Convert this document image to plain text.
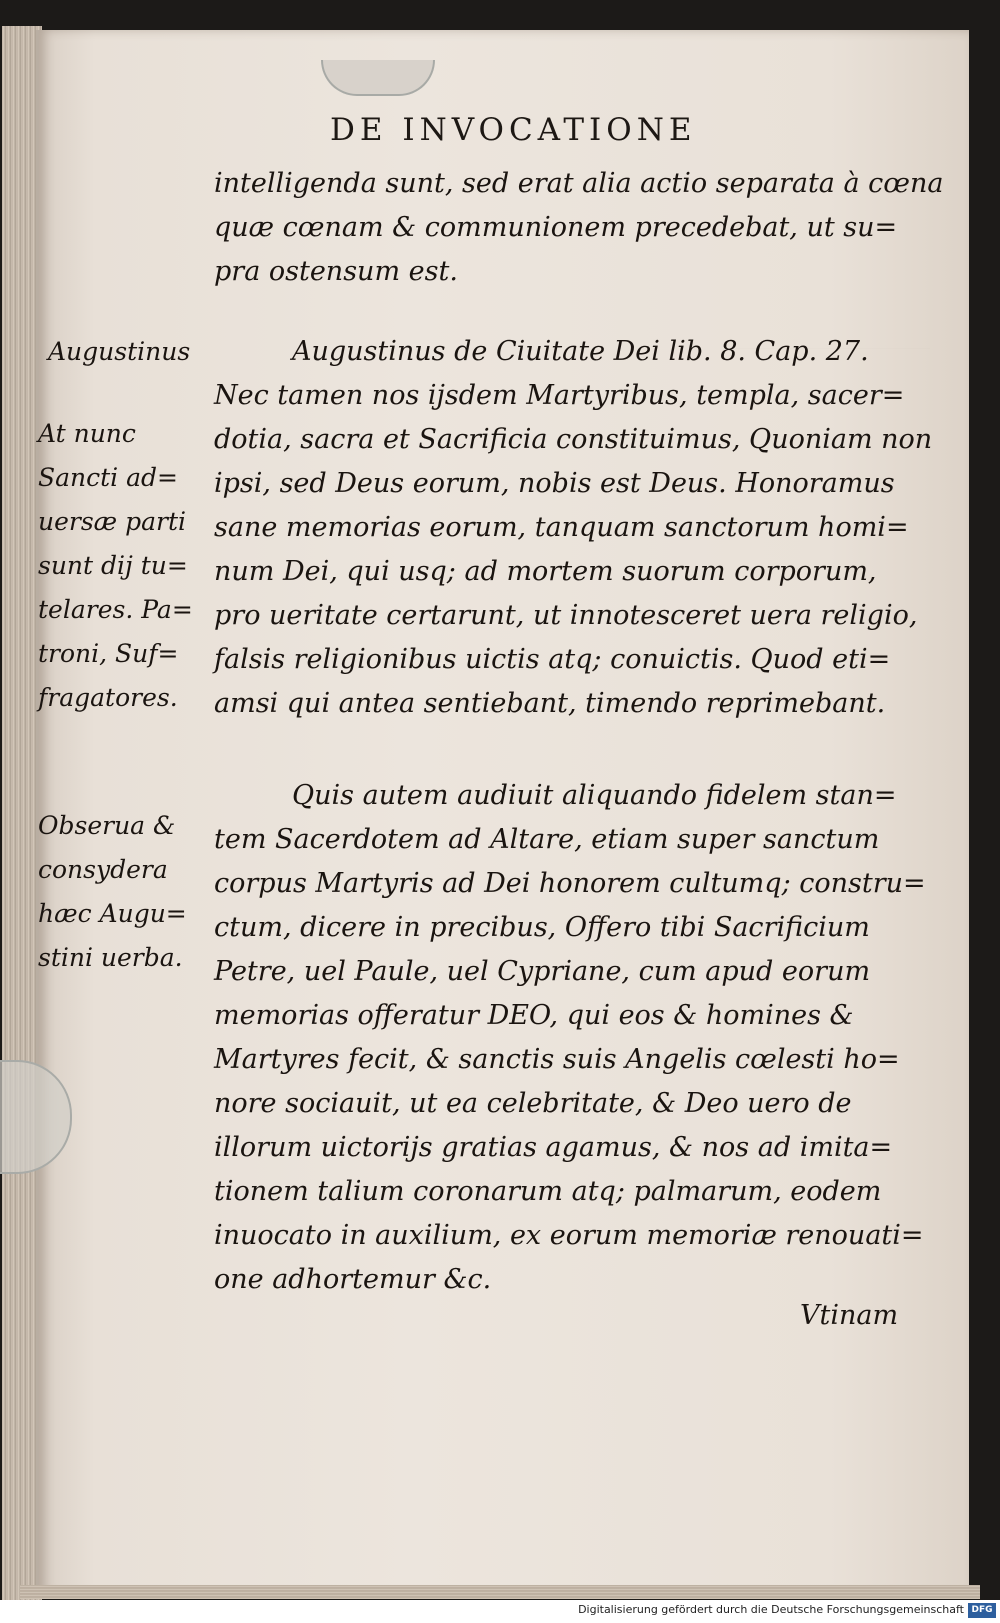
DE INVOCATIONE
intelligenda sunt, sed erat alia actio separata à cœna
quæ cœnam & communionem precedebat, ut su=
pra ostensum est.
Augustinus de Ciuitate Dei lib. 8. Cap. 27.
Nec tamen nos ijsdem Martyribus, templa, sacer=
dotia, sacra et Sacrificia constituimus, Quoniam non
ipsi, sed Deus eorum, nobis est Deus. Honoramus
sane memorias eorum, tanquam sanctorum homi=
num Dei, qui usq; ad mortem suorum corporum,
pro ueritate certarunt, ut innotesceret uera religio,
falsis religionibus uictis atq; conuictis. Quod eti=
amsi qui antea sentiebant, timendo reprimebant.
Quis autem audiuit aliquando fidelem stan=
tem Sacerdotem ad Altare, etiam super sanctum
corpus Martyris ad Dei honorem cultumq; constru=
ctum, dicere in precibus, Offero tibi Sacrificium
Petre, uel Paule, uel Cypriane, cum apud eorum
memorias offeratur DEO, qui eos & homines &
Martyres fecit, & sanctis suis Angelis cœlesti ho=
nore sociauit, ut ea celebritate, & Deo uero de
illorum uictorijs gratias agamus, & nos ad imita=
tionem talium coronarum atq; palmarum, eodem
inuocato in auxilium, ex eorum memoriæ renouati=
one adhortemur &c.
Augustinus
At nunc
Sancti ad=
uersæ parti
sunt dij tu=
telares. Pa=
troni, Suf=
fragatores.
Obserua &
consydera
hæc Augu=
stini uerba.

Vtinam

Digitalisierung gefördert durch die Deutsche Forschungsgemeinschaft DFG
